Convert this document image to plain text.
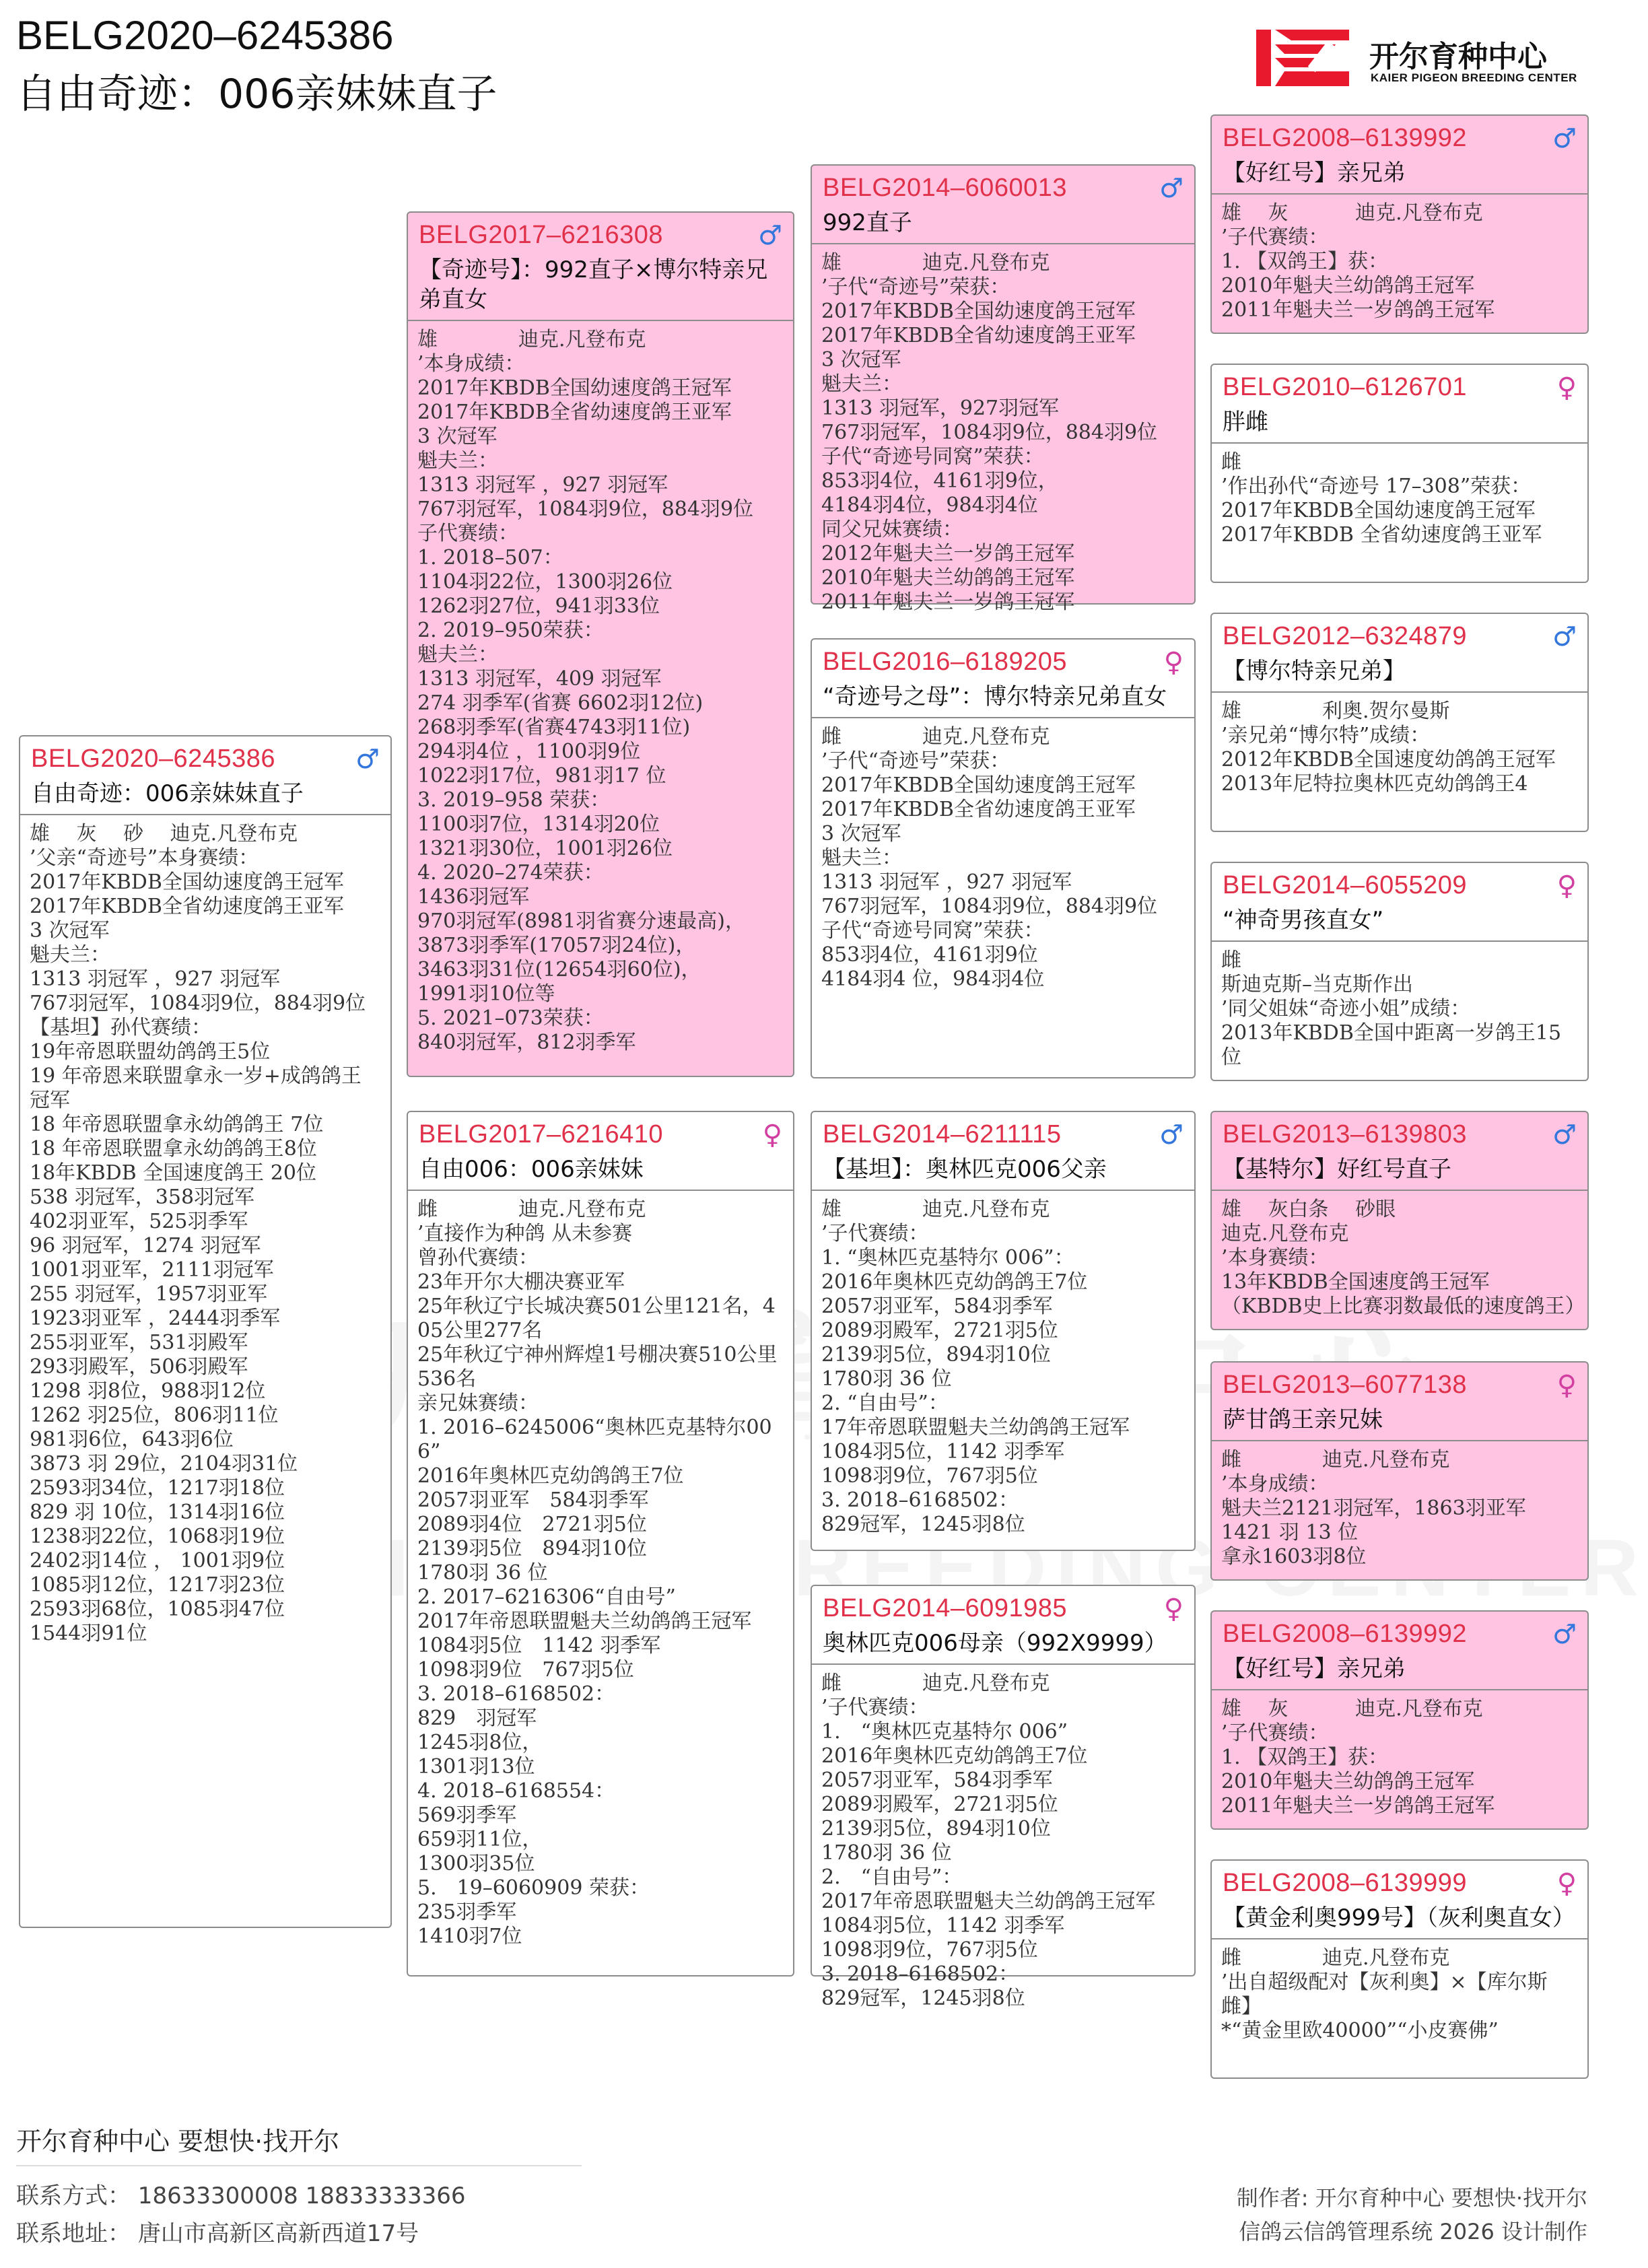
BELG2020–6245386
自由奇迹：006亲妹妹直子
开尔育种中心
KAIER PIGEON BREEDING CENTER
BELG2020–6245386	♂
自由奇迹：006亲妹妹直子
雄　 灰　 砂　 迪克.凡登布克
’父亲“奇迹号”本身赛绩：
2017年KBDB全国幼速度鸽王冠军
2017年KBDB全省幼速度鸽王亚军
3 次冠军
魁夫兰：
1313 羽冠军 ，927 羽冠军
767羽冠军，1084羽9位，884羽9位
【基坦】孙代赛绩：
19年帝恩联盟幼鸽鸽王5位
19 年帝恩来联盟拿永一岁+成鸽鸽王冠军
18 年帝恩联盟拿永幼鸽鸽王 7位
18 年帝恩联盟拿永幼鸽鸽王8位
18年KBDB 全国速度鸽王 20位
538 羽冠军，358羽冠军
402羽亚军，525羽季军
96 羽冠军，1274 羽冠军
1001羽亚军，2111羽冠军
255 羽冠军，1957羽亚军
1923羽亚军 ，2444羽季军
255羽亚军，531羽殿军
293羽殿军，506羽殿军
1298 羽8位，988羽12位
1262 羽25位，806羽11位
981羽6位，643羽6位
3873 羽 29位，2104羽31位
2593羽34位，1217羽18位
829 羽 10位，1314羽16位
1238羽22位，1068羽19位
2402羽14位 ， 1001羽9位
1085羽12位，1217羽23位
2593羽68位，1085羽47位
1544羽91位
BELG2017–6216308	♂
【奇迹号】：992直子×博尔特亲兄弟直女
雄　　　　迪克.凡登布克
’本身成绩：
2017年KBDB全国幼速度鸽王冠军
2017年KBDB全省幼速度鸽王亚军
3 次冠军
魁夫兰：
1313 羽冠军 ，927 羽冠军
767羽冠军，1084羽9位，884羽9位
子代赛绩：
1. 2018–507：
1104羽22位，1300羽26位
1262羽27位，941羽33位
2. 2019–950荣获：
魁夫兰：
1313 羽冠军，409 羽冠军
274 羽季军(省赛 6602羽12位)
268羽季军(省赛4743羽11位)
294羽4位 ，1100羽9位
1022羽17位，981羽17 位
3. 2019–958 荣获：
1100羽7位，1314羽20位
1321羽30位，1001羽26位
4. 2020–274荣获：
1436羽冠军
970羽冠军(8981羽省赛分速最高)，
3873羽季军(17057羽24位)，
3463羽31位(12654羽60位)，
1991羽10位等
5. 2021–073荣获：
840羽冠军，812羽季军
BELG2017–6216410	♀
自由006：006亲妹妹
雌　　　　迪克.凡登布克
’直接作为种鸽 从未参赛
曾孙代赛绩：
23年开尔大棚决赛亚军
25年秋辽宁长城决赛501公里121名，405公里277名
25年秋辽宁神州辉煌1号棚决赛510公里536名
亲兄妹赛绩：
1. 2016–6245006“奥林匹克基特尔006”
2016年奥林匹克幼鸽鸽王7位
2057羽亚军　584羽季军
2089羽4位　2721羽5位
2139羽5位　894羽10位
1780羽 36 位
2. 2017–6216306“自由号”
2017年帝恩联盟魁夫兰幼鸽鸽王冠军
1084羽5位　1142 羽季军
1098羽9位　767羽5位
3. 2018–6168502：
829　羽冠军
1245羽8位，
1301羽13位
4. 2018–6168554：
569羽季军
659羽11位，
1300羽35位
5.　19–6060909 荣获：
235羽季军
1410羽7位
BELG2014–6060013	♂
992直子
雄　　　　迪克.凡登布克
’子代“奇迹号”荣获：
2017年KBDB全国幼速度鸽王冠军
2017年KBDB全省幼速度鸽王亚军
3 次冠军
魁夫兰：
1313 羽冠军，927羽冠军
767羽冠军，1084羽9位，884羽9位
子代“奇迹号同窝”荣获：
853羽4位，4161羽9位，
4184羽4位，984羽4位
同父兄妹赛绩：
2012年魁夫兰一岁鸽王冠军
2010年魁夫兰幼鸽鸽王冠军
2011年魁夫兰一岁鸽王冠军
BELG2016–6189205	♀
“奇迹号之母”：博尔特亲兄弟直女
雌　　　　迪克.凡登布克
’子代“奇迹号”荣获：
2017年KBDB全国幼速度鸽王冠军
2017年KBDB全省幼速度鸽王亚军
3 次冠军
魁夫兰：
1313 羽冠军 ，927 羽冠军
767羽冠军，1084羽9位，884羽9位
子代“奇迹号同窝”荣获：
853羽4位，4161羽9位
4184羽4 位，984羽4位
BELG2014–6211115	♂
【基坦】：奥林匹克006父亲
雄　　　　迪克.凡登布克
’子代赛绩：
1. “奥林匹克基特尔 006”：
2016年奥林匹克幼鸽鸽王7位
2057羽亚军，584羽季军
2089羽殿军，2721羽5位
2139羽5位，894羽10位
1780羽 36 位
2. “自由号”：
17年帝恩联盟魁夫兰幼鸽鸽王冠军
1084羽5位，1142 羽季军
1098羽9位，767羽5位
3. 2018–6168502：
829冠军，1245羽8位
BELG2014–6091985	♀
奥林匹克006母亲（992X9999）
雌　　　　迪克.凡登布克
’子代赛绩：
1.　“奥林匹克基特尔 006”
2016年奥林匹克幼鸽鸽王7位
2057羽亚军，584羽季军
2089羽殿军，2721羽5位
2139羽5位，894羽10位
1780羽 36 位
2.　“自由号”：
2017年帝恩联盟魁夫兰幼鸽鸽王冠军
1084羽5位，1142 羽季军
1098羽9位，767羽5位
3. 2018–6168502：
829冠军，1245羽8位
BELG2008–6139992	♂
【好红号】亲兄弟
雄　 灰　　　 迪克.凡登布克
’子代赛绩：
1. 【双鸽王】获：
2010年魁夫兰幼鸽鸽王冠军
2011年魁夫兰一岁鸽鸽王冠军
BELG2010–6126701	♀
胖雌
雌
’作出孙代“奇迹号 17–308”荣获：
2017年KBDB全国幼速度鸽王冠军
2017年KBDB 全省幼速度鸽王亚军
BELG2012–6324879	♂
【博尔特亲兄弟】
雄　　　　利奥.贺尔曼斯
’亲兄弟“博尔特”成绩：
2012年KBDB全国速度幼鸽鸽王冠军
2013年尼特拉奥林匹克幼鸽鸽王4
BELG2014–6055209	♀
“神奇男孩直女”
雌
斯迪克斯–当克斯作出
’同父姐妹“奇迹小姐”成绩：
2013年KBDB全国中距离一岁鸽王15位
BELG2013–6139803	♂
【基特尔】好红号直子
雄　 灰白条　 砂眼
迪克.凡登布克
’本身赛绩：
13年KBDB全国速度鸽王冠军
（KBDB史上比赛羽数最低的速度鸽王）
BELG2013–6077138	♀
萨甘鸽王亲兄妹
雌　　　　迪克.凡登布克
’本身成绩：
魁夫兰2121羽冠军，1863羽亚军
1421 羽 13 位
拿永1603羽8位
BELG2008–6139992	♂
【好红号】亲兄弟
雄　 灰　　　 迪克.凡登布克
’子代赛绩：
1. 【双鸽王】获：
2010年魁夫兰幼鸽鸽王冠军
2011年魁夫兰一岁鸽鸽王冠军
BELG2008–6139999	♀
【黄金利奥999号】（灰利奥直女）
雌　　　　迪克.凡登布克
’出自超级配对【灰利奥】×【库尔斯雌】
*“黄金里欧40000”“小皮赛佛”
开尔育种中心 要想快·找开尔
联系方式： 18633300008 18833333366
联系地址： 唐山市高新区高新西道17号
制作者: 开尔育种中心 要想快·找开尔
信鸽云信鸽管理系统 2026 设计制作
